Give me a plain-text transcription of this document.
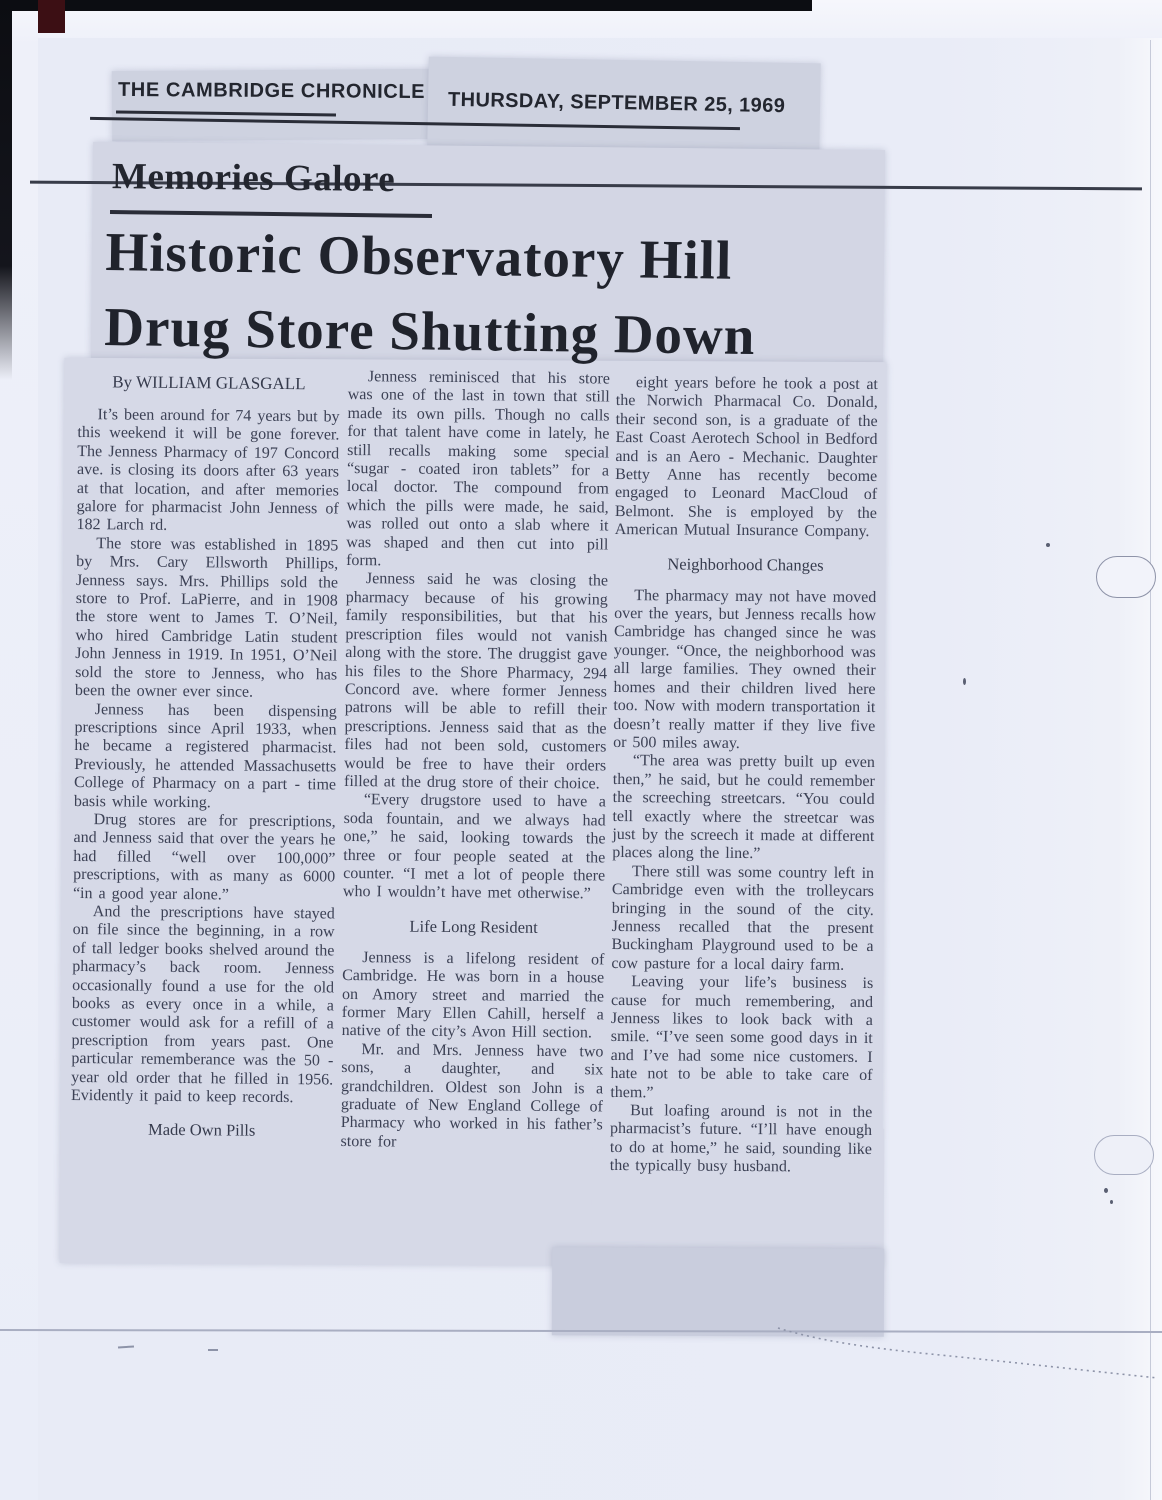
THE CAMBRIDGE CHRONICLE	THURSDAY, SEPTEMBER 25, 1969
Memories Galore
Historic Observatory Hill
Drug Store Shutting Down

By WILLIAM GLASGALL

It’s been around for 74 years but by this weekend it will be gone forever. The Jenness Pharmacy of 197 Concord ave. is closing its doors after 63 years at that location, and after memories galore for pharmacist John Jenness of 182 Larch rd.

The store was established in 1895 by Mrs. Cary Ellsworth Phillips, Jenness says. Mrs. Phillips sold the store to Prof. LaPierre, and in 1908 the store went to James T. O’Neil, who hired Cambridge Latin student John Jenness in 1919. In 1951, O’Neil sold the store to Jenness, who has been the owner ever since.

Jenness has been dispensing prescriptions since April 1933, when he became a registered pharmacist. Previously, he attended Massachusetts College of Pharmacy on a part - time basis while working.

Drug stores are for prescriptions, and Jenness said that over the years he had filled “well over 100,000” prescriptions, with as many as 6000 “in a good year alone.”

And the prescriptions have stayed on file since the beginning, in a row of tall ledger books shelved around the pharmacy’s back room. Jenness occasionally found a use for the old books as every once in a while, a customer would ask for a refill of a prescription from years past. One particular rememberance was the 50 - year old order that he filled in 1956. Evidently it paid to keep records.

Made Own Pills

Jenness reminisced that his store was one of the last in town that still made its own pills. Though no calls for that talent have come in lately, he still recalls making some special “sugar - coated iron tablets” for a local doctor. The compound from which the pills were made, he said, was rolled out onto a slab where it was shaped and then cut into pill form.

Jenness said he was closing the pharmacy because of his growing family responsibilities, but that his prescription files would not vanish along with the store. The druggist gave his files to the Shore Pharmacy, 294 Concord ave. where former Jenness patrons will be able to refill their prescriptions. Jenness said that as the files had not been sold, customers would be free to have their orders filled at the drug store of their choice.

“Every drugstore used to have a soda fountain, and we always had one,” he said, looking towards the three or four people seated at the counter. “I met a lot of people there who I wouldn’t have met otherwise.”

Life Long Resident

Jenness is a lifelong resident of Cambridge. He was born in a house on Amory street and married the former Mary Ellen Cahill, herself a native of the city’s Avon Hill section.

Mr. and Mrs. Jenness have two sons, a daughter, and six grandchildren. Oldest son John is a graduate of New England College of Pharmacy who worked in his father’s store for

eight years before he took a post at the Norwich Pharmacal Co. Donald, their second son, is a graduate of the East Coast Aerotech School in Bedford and is an Aero - Mechanic. Daughter Betty Anne has recently become engaged to Leonard MacCloud of Belmont. She is employed by the American Mutual Insurance Company.

Neighborhood Changes

The pharmacy may not have moved over the years, but Jenness recalls how Cambridge has changed since he was younger. “Once, the neighborhood was all large families. They owned their homes and their children lived here too. Now with modern transportation it doesn’t really matter if they live five or 500 miles away.

“The area was pretty built up even then,” he said, but he could remember the screeching streetcars. “You could tell exactly where the streetcar was just by the screech it made at different places along the line.”

There still was some country left in Cambridge even with the trolleycars bringing in the sound of the city. Jenness recalled that the present Buckingham Playground used to be a cow pasture for a local dairy farm.

Leaving your life’s business is cause for much remembering, and Jenness likes to look back with a smile. “I’ve seen some good days in it and I’ve had some nice customers. I hate not to be able to take care of them.”

But loafing around is not in the pharmacist’s future. “I’ll have enough to do at home,” he said, sounding like the typically busy husband.
